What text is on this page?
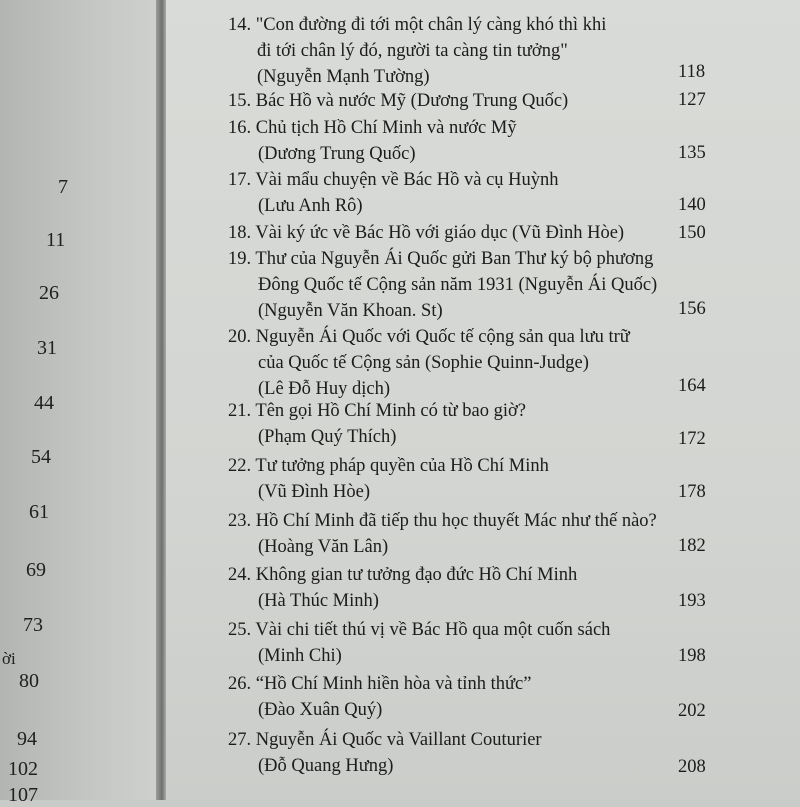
7
11
26
31
44
54
61
69
73
ời
80
94
102
107
14. "Con đường đi tới một chân lý càng khó thì khi
đi tới chân lý đó, người ta càng tin tưởng"
(Nguyễn Mạnh Tường)	118
15. Bác Hồ và nước Mỹ (Dương Trung Quốc)	127
16. Chủ tịch Hồ Chí Minh và nước Mỹ
(Dương Trung Quốc)	135
17. Vài mẩu chuyện về Bác Hồ và cụ Huỳnh
(Lưu Anh Rô)	140
18. Vài ký ức về Bác Hồ với giáo dục (Vũ Đình Hòe)	150
19. Thư của Nguyễn Ái Quốc gửi Ban Thư ký bộ phương
Đông Quốc tế Cộng sản năm 1931 (Nguyễn Ái Quốc)
(Nguyễn Văn Khoan. St)	156
20. Nguyễn Ái Quốc với Quốc tế cộng sản qua lưu trữ
của Quốc tế Cộng sản (Sophie Quinn-Judge)
(Lê Đỗ Huy dịch)	164
21. Tên gọi Hồ Chí Minh có từ bao giờ?
(Phạm Quý Thích)	172
22. Tư tưởng pháp quyền của Hồ Chí Minh
(Vũ Đình Hòe)	178
23. Hồ Chí Minh đã tiếp thu học thuyết Mác như thế nào?
(Hoàng Văn Lân)	182
24. Không gian tư tưởng đạo đức Hồ Chí Minh
(Hà Thúc Minh)	193
25. Vài chi tiết thú vị về Bác Hồ qua một cuốn sách
(Minh Chi)	198
26. “Hồ Chí Minh hiền hòa và tỉnh thức”
(Đào Xuân Quý)	202
27. Nguyễn Ái Quốc và Vaillant Couturier
(Đỗ Quang Hưng)	208
